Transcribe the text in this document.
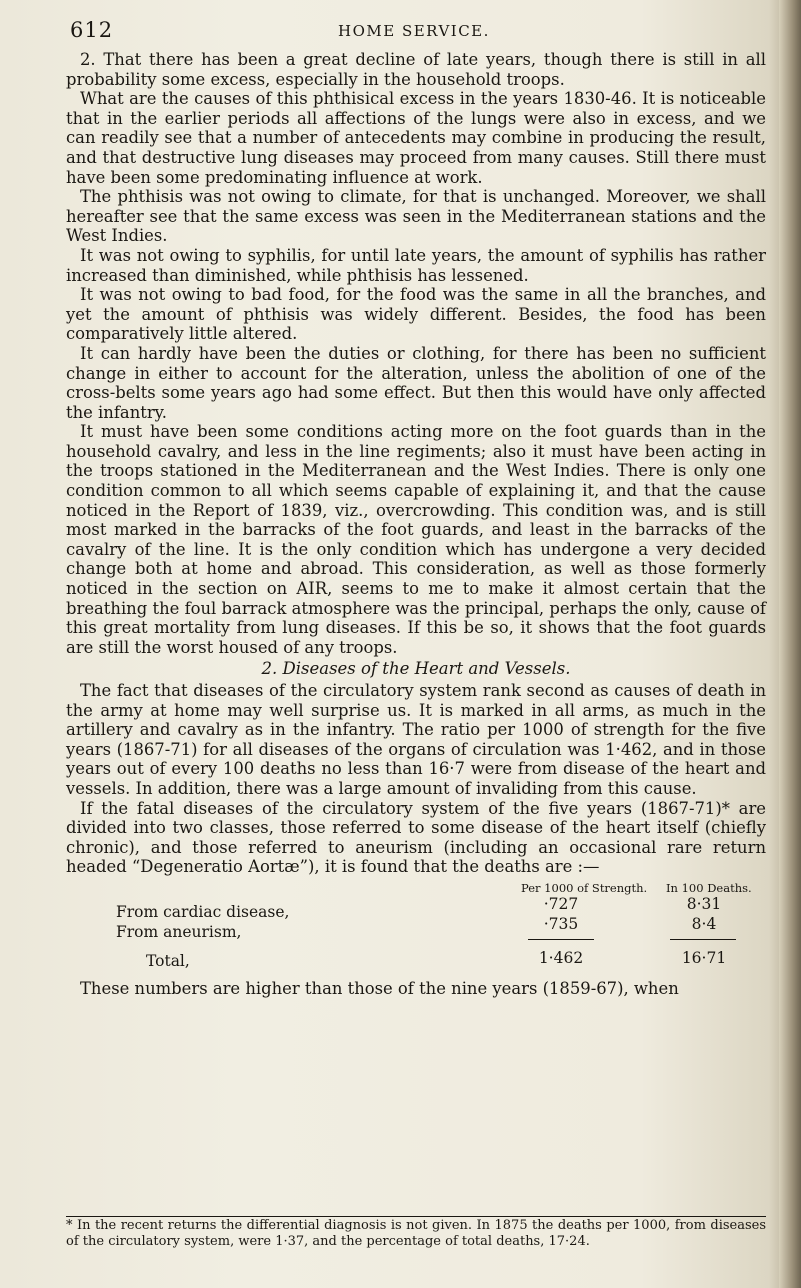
612	HOME SERVICE.

2. That there has been a great decline of late years, though there is still in all probability some excess, especially in the household troops.

What are the causes of this phthisical excess in the years 1830-46. It is noticeable that in the earlier periods all affections of the lungs were also in excess, and we can readily see that a number of antecedents may combine in producing the result, and that destructive lung diseases may proceed from many causes. Still there must have been some predominating influence at work.

The phthisis was not owing to climate, for that is unchanged. Moreover, we shall hereafter see that the same excess was seen in the Mediterranean stations and the West Indies.

It was not owing to syphilis, for until late years, the amount of syphilis has rather increased than diminished, while phthisis has lessened.

It was not owing to bad food, for the food was the same in all the branches, and yet the amount of phthisis was widely different. Besides, the food has been comparatively little altered.

It can hardly have been the duties or clothing, for there has been no sufficient change in either to account for the alteration, unless the abolition of one of the cross-belts some years ago had some effect. But then this would have only affected the infantry.

It must have been some conditions acting more on the foot guards than in the household cavalry, and less in the line regiments; also it must have been acting in the troops stationed in the Mediterranean and the West Indies. There is only one condition common to all which seems capable of explaining it, and that the cause noticed in the Report of 1839, viz., overcrowding. This condition was, and is still most marked in the barracks of the foot guards, and least in the barracks of the cavalry of the line. It is the only condition which has undergone a very decided change both at home and abroad. This consideration, as well as those formerly noticed in the section on AIR, seems to me to make it almost certain that the breathing the foul barrack atmosphere was the principal, perhaps the only, cause of this great mortality from lung diseases. If this be so, it shows that the foot guards are still the worst housed of any troops.

2. Diseases of the Heart and Vessels.

The fact that diseases of the circulatory system rank second as causes of death in the army at home may well surprise us. It is marked in all arms, as much in the artillery and cavalry as in the infantry. The ratio per 1000 of strength for the five years (1867-71) for all diseases of the organs of circulation was 1·462, and in those years out of every 100 deaths no less than 16·7 were from disease of the heart and vessels. In addition, there was a large amount of invaliding from this cause.

If the fatal diseases of the circulatory system of the five years (1867-71)* are divided into two classes, those referred to some disease of the heart itself (chiefly chronic), and those referred to aneurism (including an occasional rare return headed “Degeneratio Aortæ”), it is found that the deaths are :—

Per 1000 of Strength. In 100 Deaths.
From cardiac disease,	·727	8·31
From aneurism,	·735	8·4
Total,	1·462	16·71

These numbers are higher than those of the nine years (1859-67), when

* In the recent returns the differential diagnosis is not given. In 1875 the deaths per 1000, from diseases of the circulatory system, were 1·37, and the percentage of total deaths, 17·24.
